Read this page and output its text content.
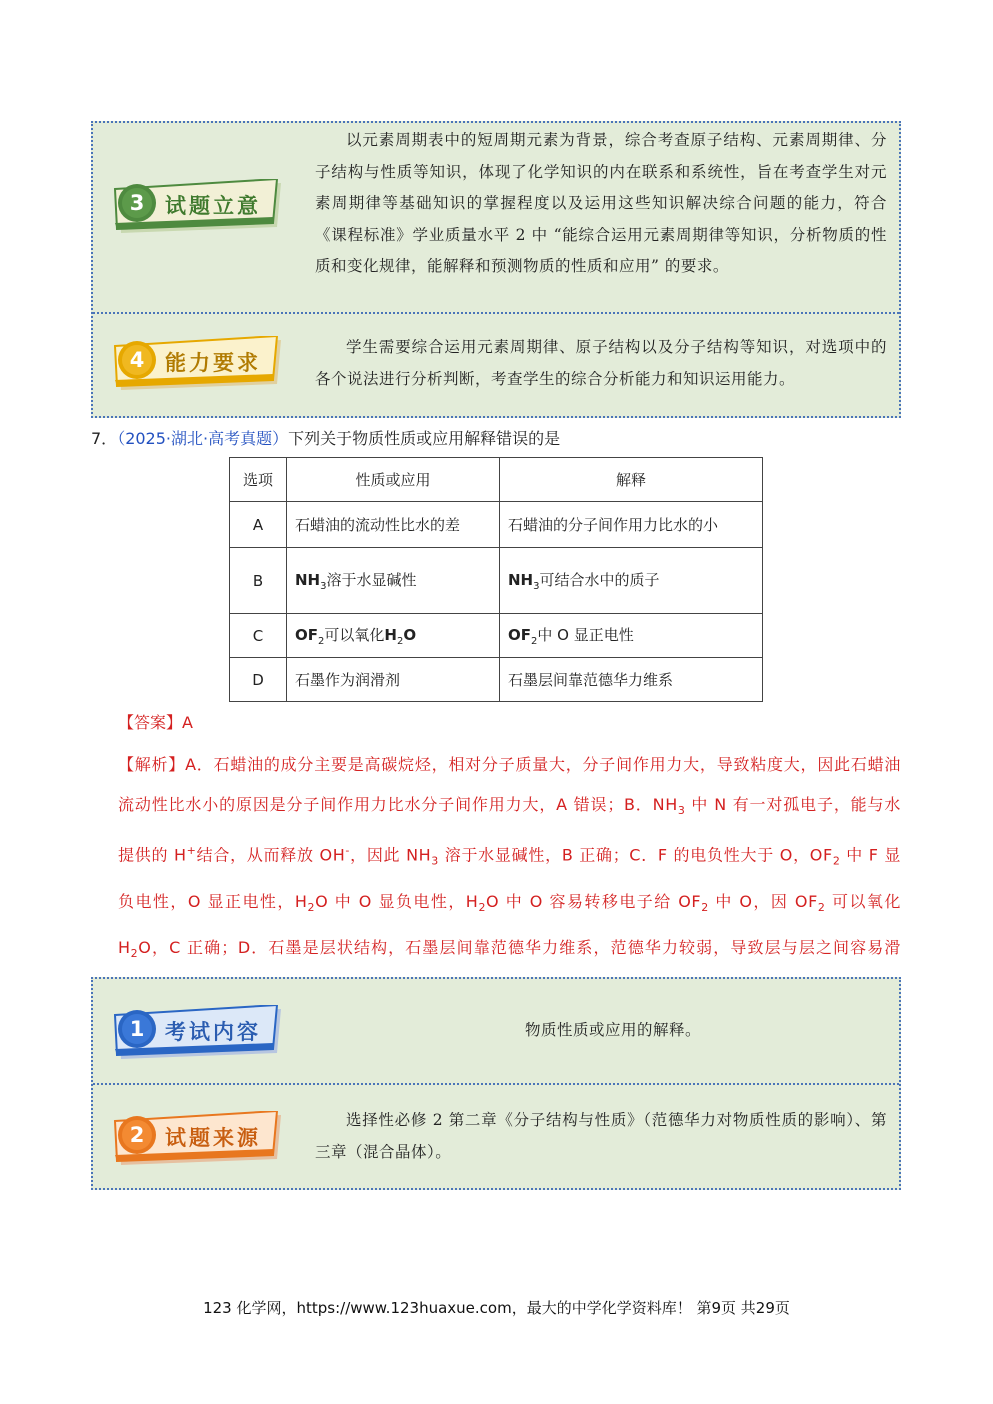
3 试题立意
以元素周期表中的短周期元素为背景，综合考查原子结构、元素周期律、分子结构与性质等知识，体现了化学知识的内在联系和系统性，旨在考查学生对元素周期律等基础知识的掌握程度以及运用这些知识解决综合问题的能力，符合《课程标准》学业质量水平 2 中 “能综合运用元素周期律等知识，分析物质的性质和变化规律，能解释和预测物质的性质和应用” 的要求。
4 能力要求
学生需要综合运用元素周期律、原子结构以及分子结构等知识，对选项中的各个说法进行分析判断，考查学生的综合分析能力和知识运用能力。
7．（2025·湖北·高考真题）下列关于物质性质或应用解释错误的是
选项	性质或应用	解释
A	石蜡油的流动性比水的差	石蜡油的分子间作用力比水的小
B	$NH_3$溶于水显碱性	$NH_3$可结合水中的质子
C	$OF_2$可以氧化$H_2O$	$OF_2$中 O 显正电性
D	石墨作为润滑剂	石墨层间靠范德华力维系
【答案】A
【解析】A．石蜡油的成分主要是高碳烷烃，相对分子质量大，分子间作用力大，导致粘度大，因此石蜡油流动性比水小的原因是分子间作用力比水分子间作用力大，A 错误；B．$NH_3$ 中 N 有一对孤电子，能与水提供的 H+结合，从而释放 OH-，因此 $NH_3$ 溶于水显碱性，B 正确；C．F 的电负性大于 O，$OF_2$ 中 F 显负电性，O 显正电性，$H_2O$ 中 O 显负电性，$H_2O$ 中 O 容易转移电子给 $OF_2$ 中 O，因 $OF_2$ 可以氧化 $H_2O$，C 正确；D．石墨是层状结构，石墨层间靠范德华力维系，范德华力较弱，导致层与层之间容易滑
1 考试内容	物质性质或应用的解释。
2 试题来源
选择性必修 2 第二章《分子结构与性质》（范德华力对物质性质的影响）、第三章（混合晶体）。
123 化学网，https://www.123huaxue.com，最大的中学化学资料库！ 第9页 共29页
